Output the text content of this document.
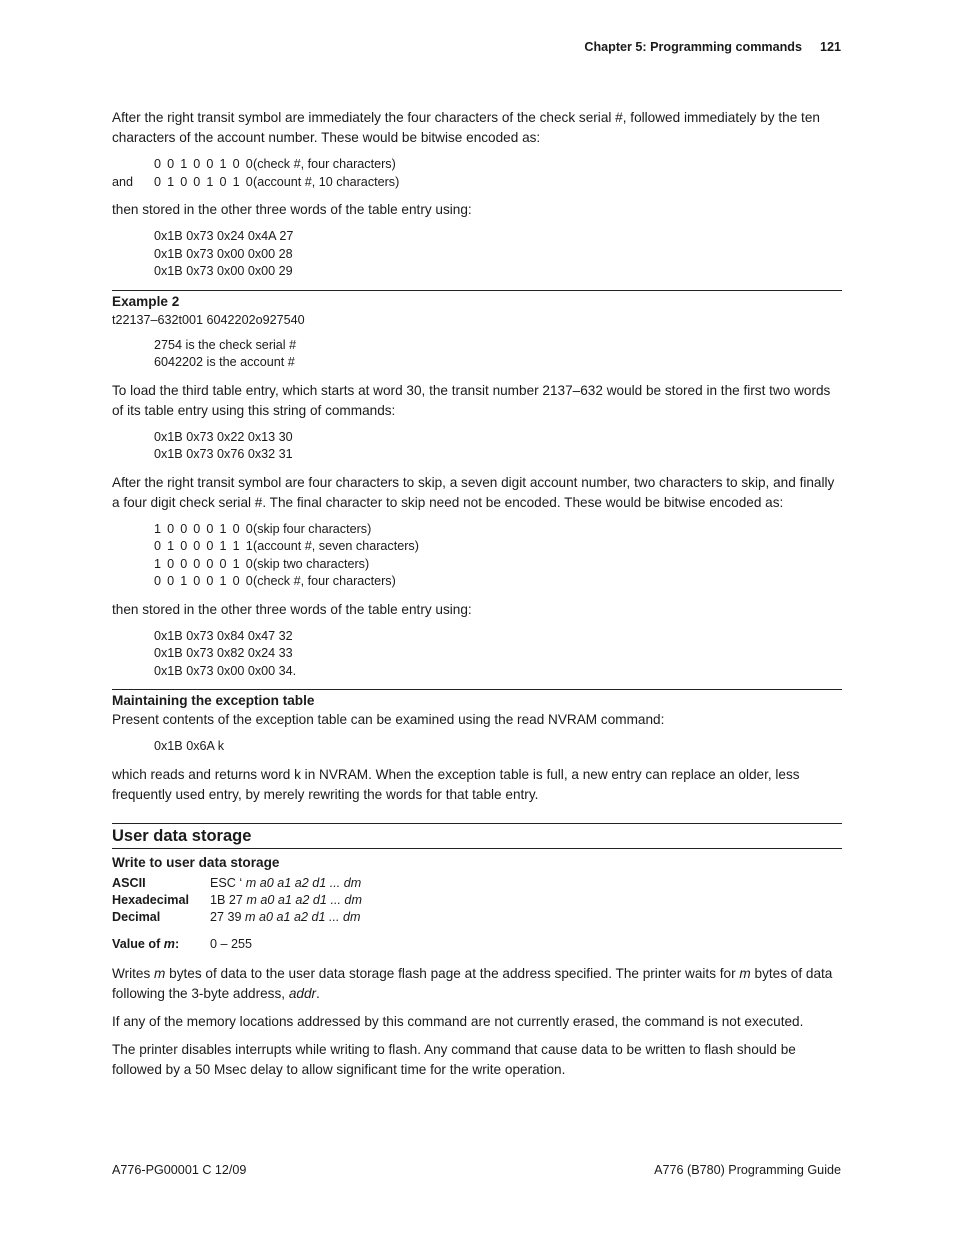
Chapter 5: Programming commands 121

After the right transit symbol are immediately the four characters of the check serial #, followed immediately by the ten characters of the account number. These would be bitwise encoded as:

0 0 1 0 0 1 0 0(check #, four characters)
and 0 1 0 0 1 0 1 0(account #, 10 characters)

then stored in the other three words of the table entry using:

0x1B 0x73 0x24 0x4A 27
0x1B 0x73 0x00 0x00 28
0x1B 0x73 0x00 0x00 29
Example 2
t22137–632t001 6042202o927540
2754 is the check serial #
6042202 is the account #

To load the third table entry, which starts at word 30, the transit number 2137–632 would be stored in the first two words of its table entry using this string of commands:

0x1B 0x73 0x22 0x13 30
0x1B 0x73 0x76 0x32 31

After the right transit symbol are four characters to skip, a seven digit account number, two characters to skip, and finally a four digit check serial #. The final character to skip need not be encoded. These would be bitwise encoded as:

1 0 0 0 0 1 0 0(skip four characters)
0 1 0 0 0 1 1 1(account #, seven characters)
1 0 0 0 0 0 1 0(skip two characters)
0 0 1 0 0 1 0 0(check #, four characters)

then stored in the other three words of the table entry using:

0x1B 0x73 0x84 0x47 32
0x1B 0x73 0x82 0x24 33
0x1B 0x73 0x00 0x00 34.
Maintaining the exception table

Present contents of the exception table can be examined using the read NVRAM command:

0x1B 0x6A k

which reads and returns word k in NVRAM. When the exception table is full, a new entry can replace an older, less frequently used entry, by merely rewriting the words for that table entry.

User data storage
Write to user data storage
ASCII	ESC ‘ m a0 a1 a2 d1 ... dm
Hexadecimal 1B 27 m a0 a1 a2 d1 ... dm
Decimal	27 39 m a0 a1 a2 d1 ... dm
Value of m: 0 – 255

Writes m bytes of data to the user data storage flash page at the address specified. The printer waits for m bytes of data following the 3-byte address, addr.

If any of the memory locations addressed by this command are not currently erased, the command is not executed.

The printer disables interrupts while writing to flash. Any command that cause data to be written to flash should be followed by a 50 Msec delay to allow significant time for the write operation.

A776-PG00001 C 12/09	A776 (B780) Programming Guide
